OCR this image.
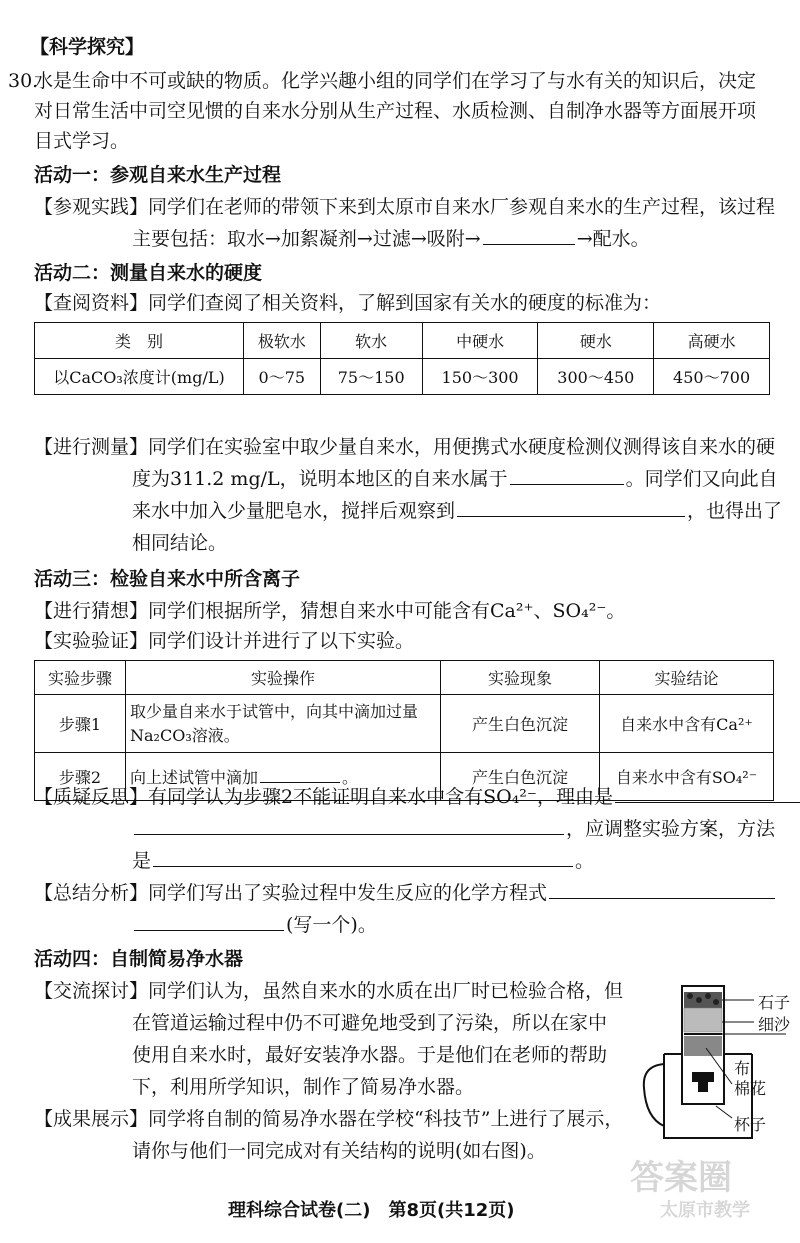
【科学探究】
30.
水是生命中不可或缺的物质。化学兴趣小组的同学们在学习了与水有关的知识后，决定
对日常生活中司空见惯的自来水分别从生产过程、水质检测、自制净水器等方面展开项
目式学习。
活动一：参观自来水生产过程
【参观实践】同学们在老师的带领下来到太原市自来水厂参观自来水的生产过程，该过程
主要包括：取水→加絮凝剂→过滤→吸附→	→配水。
活动二：测量自来水的硬度
【查阅资料】同学们查阅了相关资料，了解到国家有关水的硬度的标准为：
类　别	极软水	软水	中硬水	硬水	高硬水
以CaCO₃浓度计(mg/L)	0～75	75～150	150～300	300～450	450～700
【进行测量】同学们在实验室中取少量自来水，用便携式水硬度检测仪测得该自来水的硬
度为311.2 mg/L，说明本地区的自来水属于	。同学们又向此自
来水中加入少量肥皂水，搅拌后观察到	，也得出了
相同结论。
活动三：检验自来水中所含离子
【进行猜想】同学们根据所学，猜想自来水中可能含有Ca²⁺、SO₄²⁻。
【实验验证】同学们设计并进行了以下实验。
实验步骤	实验操作	实验现象	实验结论
步骤1	取少量自来水于试管中，向其中滴加过量
Na₂CO₃溶液。	产生白色沉淀	自来水中含有Ca²⁺
步骤2	向上述试管中滴加 。	产生白色沉淀	自来水中含有SO₄²⁻
【质疑反思】有同学认为步骤2不能证明自来水中含有SO₄²⁻，理由是
，应调整实验方案，方法
是	。
【总结分析】同学们写出了实验过程中发生反应的化学方程式
(写一个)。
活动四：自制简易净水器
【交流探讨】同学们认为，虽然自来水的水质在出厂时已检验合格，但
在管道运输过程中仍不可避免地受到了污染，所以在家中
使用自来水时，最好安装净水器。于是他们在老师的帮助
下，利用所学知识，制作了简易净水器。
【成果展示】同学将自制的简易净水器在学校“科技节”上进行了展示，
请你与他们一同完成对有关结构的说明(如右图)。
石子
细沙
布
棉花
杯子
理科综合试卷(二)　第8页(共12页)
答案圈
太原市教学
